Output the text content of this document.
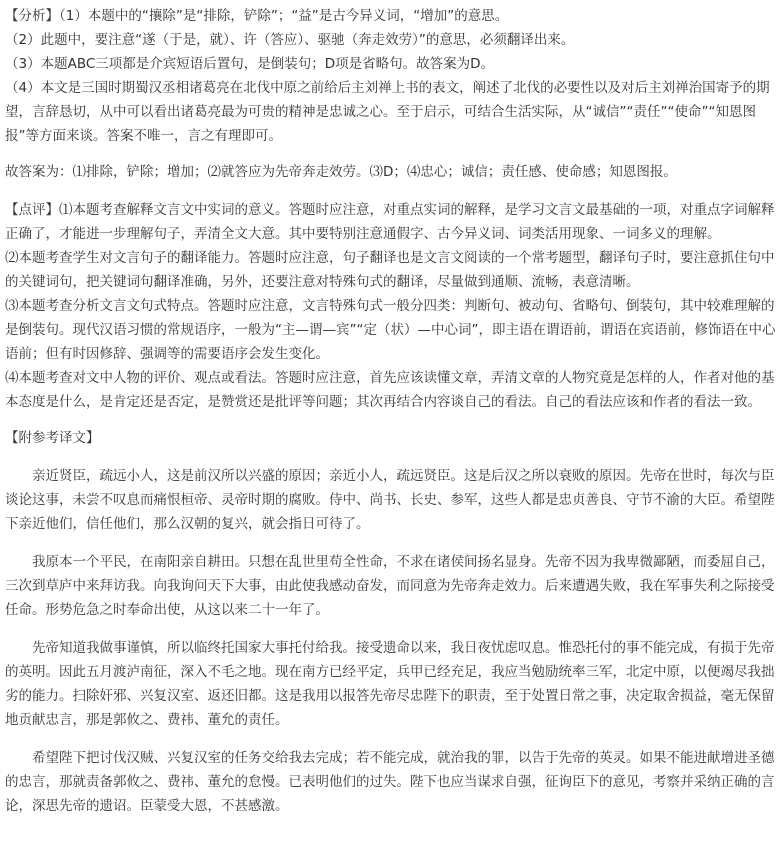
【分析】（1）本题中的“攘除”是“排除，铲除”；“益”是古今异义词，“增加”的意思。
（2）此题中，要注意“遂（于是，就）、许（答应）、驱驰（奔走效劳）”的意思，必须翻译出来。
（3）本题ABC三项都是介宾短语后置句，是倒装句；D项是省略句。故答案为D。
（4）本文是三国时期蜀汉丞相诸葛亮在北伐中原之前给后主刘禅上书的表文，阐述了北伐的必要性以及对后主刘禅治国寄予的期望，言辞恳切，从中可以看出诸葛亮最为可贵的精神是忠诚之心。至于启示，可结合生活实际，从“诚信”“责任”“使命”“知恩图报”等方面来谈。答案不唯一，言之有理即可。
故答案为：⑴排除，铲除；增加；⑵就答应为先帝奔走效劳。⑶D；⑷忠心；诚信；责任感、使命感；知恩图报。
【点评】⑴本题考查解释文言文中实词的意义。答题时应注意，对重点实词的解释，是学习文言文最基础的一项，对重点字词解释正确了，才能进一步理解句子，弄清全文大意。其中要特别注意通假字、古今异义词、词类活用现象、一词多义的理解。
⑵本题考查学生对文言句子的翻译能力。答题时应注意，句子翻译也是文言文阅读的一个常考题型，翻译句子时，要注意抓住句中的关键词句，把关键词句翻译准确，另外，还要注意对特殊句式的翻译，尽量做到通顺、流畅，表意清晰。
⑶本题考查分析文言文句式特点。答题时应注意，文言特殊句式一般分四类：判断句、被动句、省略句、倒装句，其中较难理解的是倒装句。现代汉语习惯的常规语序，一般为“主—谓—宾”“定（状）—中心词”，即主语在谓语前，谓语在宾语前，修饰语在中心语前；但有时因修辞、强调等的需要语序会发生变化。
⑷本题考查对文中人物的评价、观点或看法。答题时应注意，首先应该读懂文章，弄清文章的人物究竟是怎样的人，作者对他的基本态度是什么，是肯定还是否定，是赞赏还是批评等问题；其次再结合内容谈自己的看法。自己的看法应该和作者的看法一致。
【附参考译文】
亲近贤臣，疏远小人，这是前汉所以兴盛的原因；亲近小人，疏远贤臣。这是后汉之所以衰败的原因。先帝在世时，每次与臣谈论这事，未尝不叹息而痛恨桓帝、灵帝时期的腐败。侍中、尚书、长史、参军，这些人都是忠贞善良、守节不渝的大臣。希望陛下亲近他们，信任他们，那么汉朝的复兴，就会指日可待了。
我原本一个平民，在南阳亲自耕田。只想在乱世里苟全性命，不求在诸侯间扬名显身。先帝不因为我卑微鄙陋，而委屈自己，三次到草庐中来拜访我。向我询问天下大事，由此使我感动奋发，而同意为先帝奔走效力。后来遭遇失败，我在军事失利之际接受任命。形势危急之时奉命出使，从这以来二十一年了。
先帝知道我做事谨慎，所以临终托国家大事托付给我。接受遗命以来，我日夜忧虑叹息。惟恐托付的事不能完成，有损于先帝的英明。因此五月渡泸南征，深入不毛之地。现在南方已经平定，兵甲已经充足，我应当勉励统率三军，北定中原，以便竭尽我拙劣的能力。扫除奸邪、兴复汉室、返还旧都。这是我用以报答先帝尽忠陛下的职责，至于处置日常之事，决定取舍损益，毫无保留地贡献忠言，那是郭攸之、费祎、董允的责任。
希望陛下把讨伐汉贼、兴复汉室的任务交给我去完成；若不能完成，就治我的罪，以告于先帝的英灵。如果不能进献增进圣德的忠言，那就责备郭攸之、费祎、董允的怠慢。已表明他们的过失。陛下也应当谋求自强，征询臣下的意见，考察并采纳正确的言论，深思先帝的遗诏。臣蒙受大恩，不甚感激。
